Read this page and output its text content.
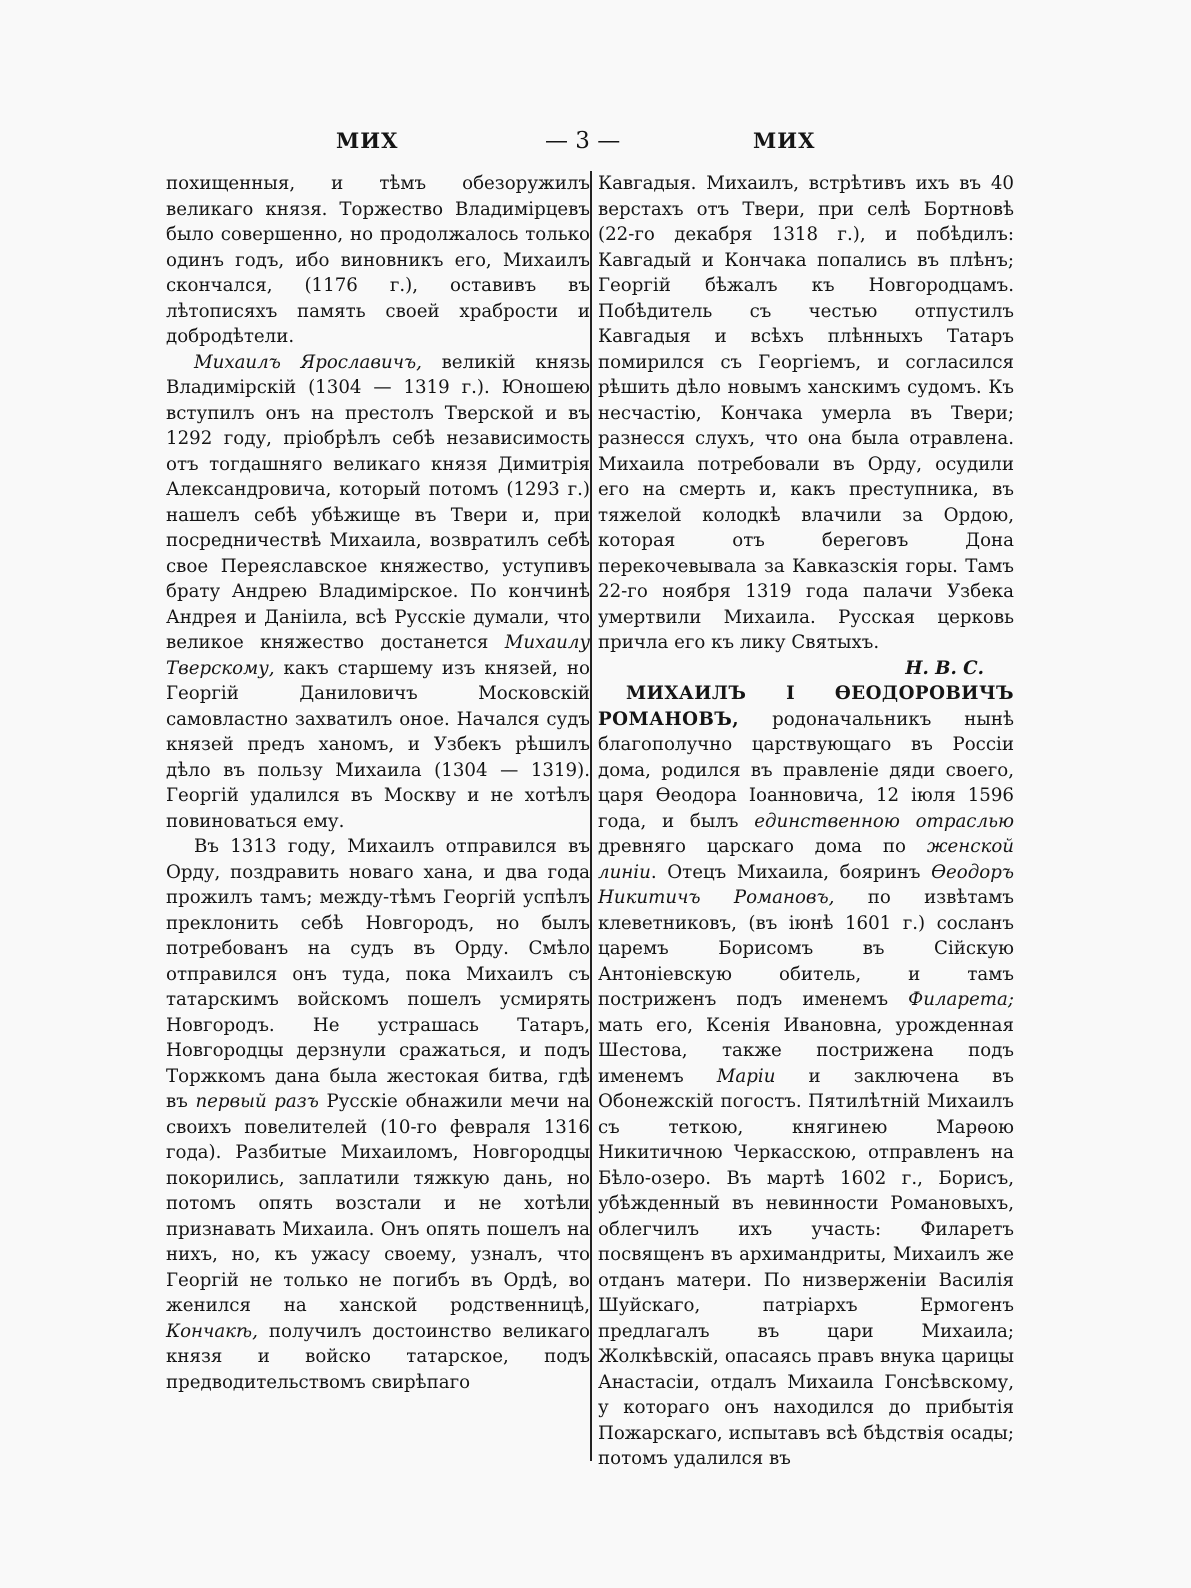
МИХ	— 3 —	МИХ

похищенныя, и тѣмъ обезоружилъ великаго князя. Торжество Владимірцевъ было совершенно, но продолжалось только одинъ годъ, ибо виновникъ его, Михаилъ скончался, (1176 г.), оставивъ въ лѣтописяхъ память своей храбрости и добродѣтели.

Михаилъ Ярославичъ, великій князь Владимірскій (1304 — 1319 г.). Юношею вступилъ онъ на престолъ Тверской и въ 1292 году, пріобрѣлъ себѣ независимость отъ тогдашняго великаго князя Димитрія Александровича, который потомъ (1293 г.) нашелъ себѣ убѣжище въ Твери и, при посредничествѣ Михаила, возвратилъ себѣ свое Переяславское княжество, уступивъ брату Андрею Владимірское. По кончинѣ Андрея и Даніила, всѣ Русскіе думали, что великое княжество достанется Михаилу Тверскому, какъ старшему изъ князей, но Георгій Даниловичъ Московскій самовластно захватилъ оное. Начался судъ князей предъ ханомъ, и Узбекъ рѣшилъ дѣло въ пользу Михаила (1304 — 1319). Георгій удалился въ Москву и не хотѣлъ повиноваться ему.

Въ 1313 году, Михаилъ отправился въ Орду, поздравить новаго хана, и два года прожилъ тамъ; между-тѣмъ Георгій успѣлъ преклонить себѣ Новгородъ, но былъ потребованъ на судъ въ Орду. Смѣло отправился онъ туда, пока Михаилъ съ татарскимъ войскомъ пошелъ усмирять Новгородъ. Не устрашась Татаръ, Новгородцы дерзнули сражаться, и подъ Торжкомъ дана была жестокая битва, гдѣ въ первый разъ Русскіе обнажили мечи на своихъ повелителей (10-го февраля 1316 года). Разбитые Михаиломъ, Новгородцы покорились, заплатили тяжкую дань, но потомъ опять возстали и не хотѣли признавать Михаила. Онъ опять пошелъ на нихъ, но, къ ужасу своему, узналъ, что Георгій не только не погибъ въ Ордѣ, во женился на ханской родственницѣ, Кончакѣ, получилъ достоинство великаго князя и войско татарское, подъ предводительствомъ свирѣпаго

Кавгадыя. Михаилъ, встрѣтивъ ихъ въ 40 верстахъ отъ Твери, при селѣ Бортновѣ (22-го декабря 1318 г.), и побѣдилъ: Кавгадый и Кончака попались въ плѣнъ; Георгій бѣжалъ къ Новгородцамъ. Побѣдитель съ честью отпустилъ Кавгадыя и всѣхъ плѣнныхъ Татаръ помирился съ Георгіемъ, и согласился рѣшить дѣло новымъ ханскимъ судомъ. Къ несчастію, Кончака умерла въ Твери; разнесся слухъ, что она была отравлена. Михаила потребовали въ Орду, осудили его на смерть и, какъ преступника, въ тяжелой колодкѣ влачили за Ордою, которая отъ береговъ Дона перекочевывала за Кавказскія горы. Тамъ 22-го ноября 1319 года палачи Узбека умертвили Михаила. Русская церковь причла его къ лику Святыхъ.

Н. В. С.

МИХАИЛЪ I ѲЕОДОРОВИЧЪ РОМАНОВЪ, родоначальникъ нынѣ благополучно царствующаго въ Россіи дома, родился въ правленіе дяди своего, царя Ѳеодора Іоанновича, 12 іюля 1596 года, и былъ единственною отраслью древняго царскаго дома по женской линіи. Отецъ Михаила, бояринъ Ѳеодоръ Никитичъ Романовъ, по извѣтамъ клеветниковъ, (въ іюнѣ 1601 г.) сосланъ царемъ Борисомъ въ Сійскую Антоніевскую обитель, и тамъ постриженъ подъ именемъ Филарета; мать его, Ксенія Ивановна, урожденная Шестова, также пострижена подъ именемъ Маріи и заключена въ Обонежскій погостъ. Пятилѣтній Михаилъ съ теткою, княгинею Марѳою Никитичною Черкасскою, отправленъ на Бѣло-озеро. Въ мартѣ 1602 г., Борисъ, убѣжденный въ невинности Романовыхъ, облегчилъ ихъ участь: Филаретъ посвященъ въ архимандриты, Михаилъ же отданъ матери. По низверженіи Василія Шуйскаго, патріархъ Ермогенъ предлагалъ въ цари Михаила; Жолкѣвскій, опасаясь правъ внука царицы Анастасіи, отдалъ Михаила Гонсѣвскому, у котораго онъ находился до прибытія Пожарскаго, испытавъ всѣ бѣдствія осады; потомъ удалился въ
